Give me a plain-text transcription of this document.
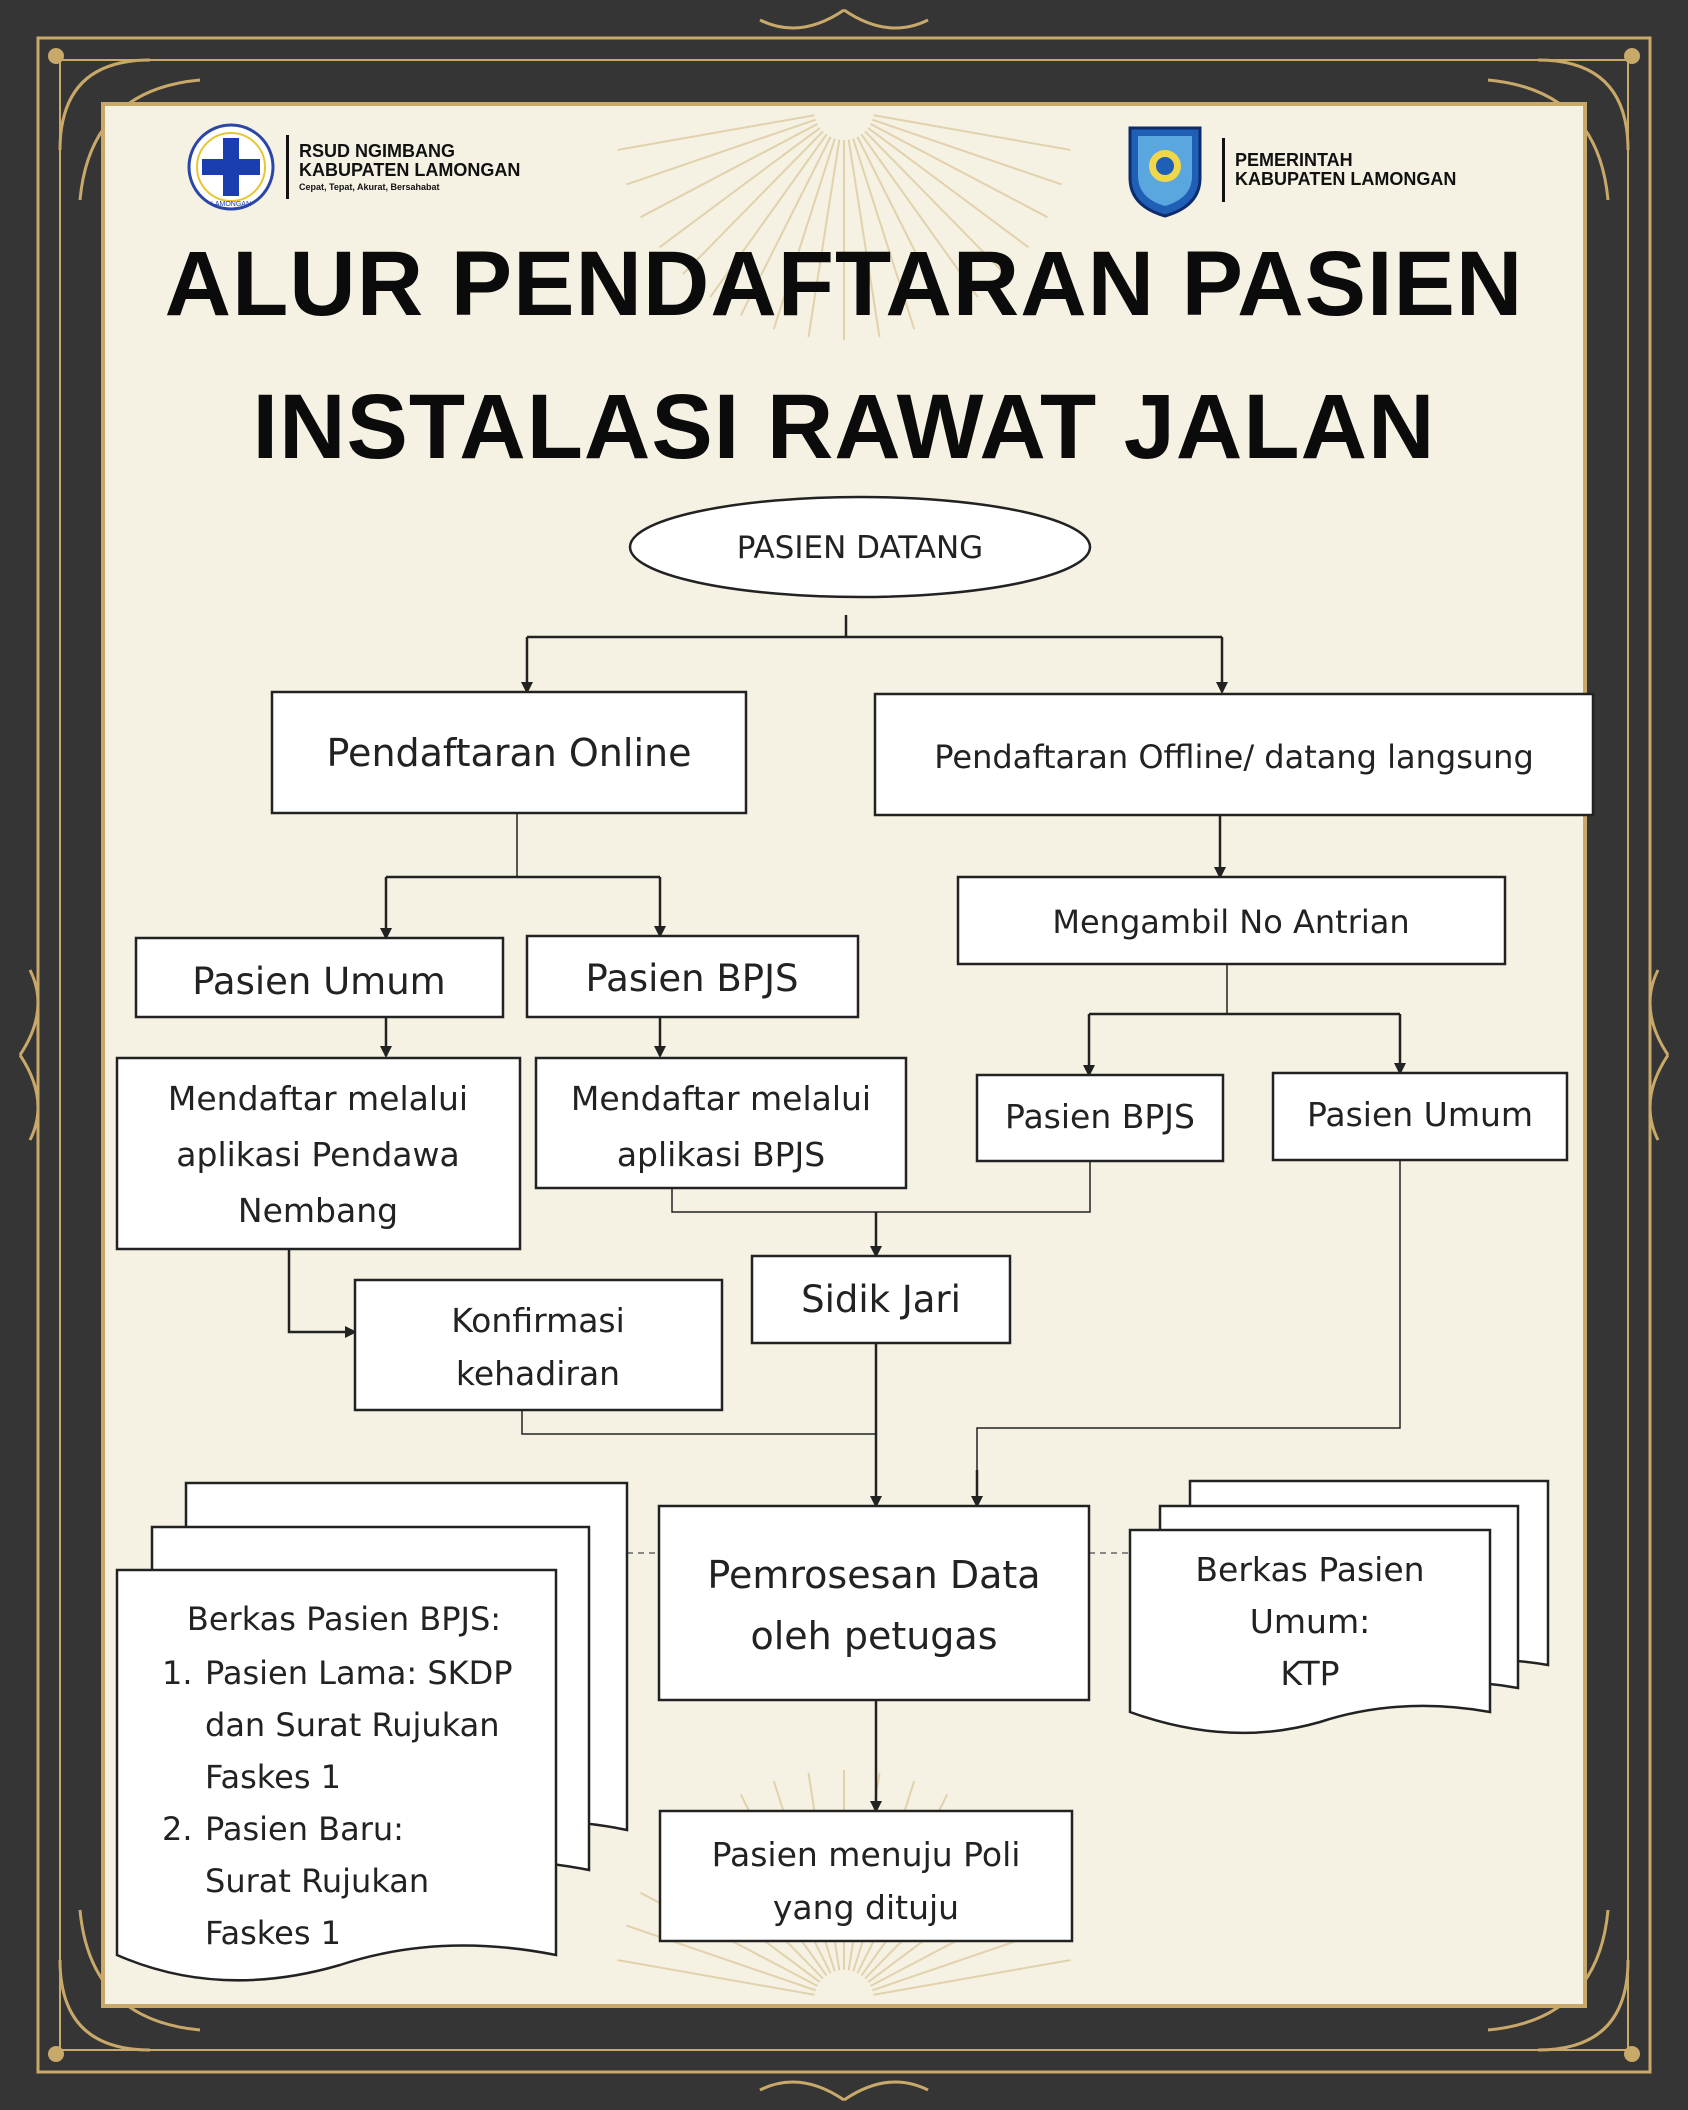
LAMONGAN
RSUD NGIMBANG
KABUPATEN LAMONGAN
Cepat, Tepat, Akurat, Bersahabat
PEMERINTAH
KABUPATEN LAMONGAN
ALUR PENDAFTARAN PASIEN
INSTALASI RAWAT JALAN
PASIEN DATANG
Pendaftaran Online	Pendaftaran Offline/ datang langsung
Mengambil No Antrian
Pasien Umum	Pasien BPJS
Mendaftar melalui
aplikasi Pendawa
Nembang
Mendaftar melalui
aplikasi BPJS
Pasien BPJS	Pasien Umum
Sidik Jari
Konfirmasi
kehadiran
Pemrosesan Data
oleh petugas
Pasien menuju Poli
yang dituju
Berkas Pasien BPJS:
1. Pasien Lama: SKDP
dan Surat Rujukan
Faskes 1
2. Pasien Baru:
Surat Rujukan
Faskes 1
Berkas Pasien
Umum:
KTP
